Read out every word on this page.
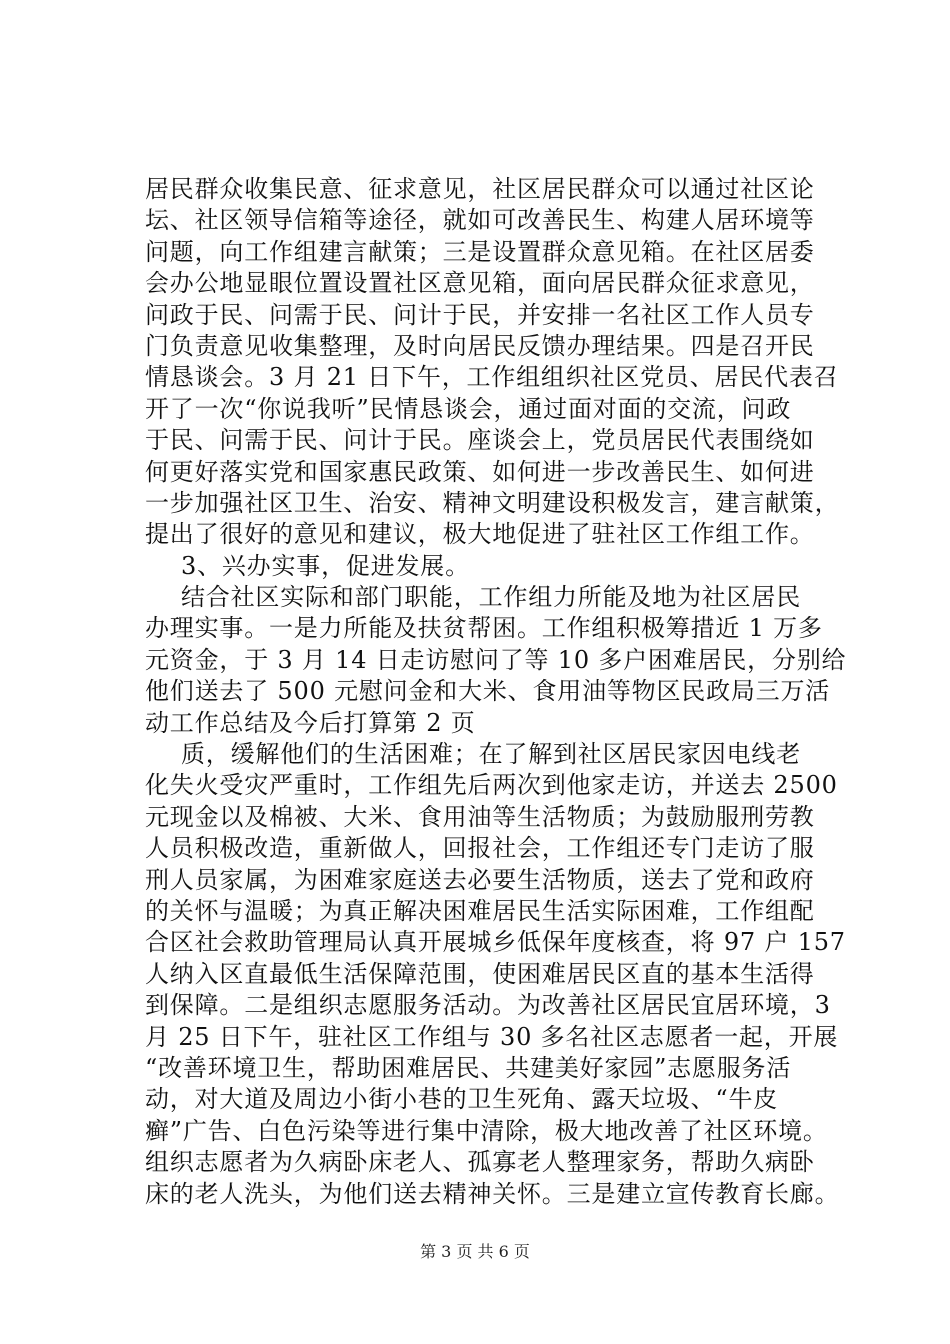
居民群众收集民意、征求意见，社区居民群众可以通过社区论
坛、社区领导信箱等途径，就如可改善民生、构建人居环境等
问题，向工作组建言献策；三是设置群众意见箱。在社区居委
会办公地显眼位置设置社区意见箱，面向居民群众征求意见，
问政于民、问需于民、问计于民，并安排一名社区工作人员专
门负责意见收集整理，及时向居民反馈办理结果。四是召开民
情恳谈会。3 月 21 日下午，工作组组织社区党员、居民代表召
开了一次“你说我听”民情恳谈会，通过面对面的交流，问政
于民、问需于民、问计于民。座谈会上，党员居民代表围绕如
何更好落实党和国家惠民政策、如何进一步改善民生、如何进
一步加强社区卫生、治安、精神文明建设积极发言，建言献策，
提出了很好的意见和建议，极大地促进了驻社区工作组工作。
3、兴办实事，促进发展。
结合社区实际和部门职能，工作组力所能及地为社区居民
办理实事。一是力所能及扶贫帮困。工作组积极筹措近 1 万多
元资金，于 3 月 14 日走访慰问了等 10 多户困难居民，分别给
他们送去了 500 元慰问金和大米、食用油等物区民政局三万活
动工作总结及今后打算第 2 页
质，缓解他们的生活困难；在了解到社区居民家因电线老
化失火受灾严重时，工作组先后两次到他家走访，并送去 2500
元现金以及棉被、大米、食用油等生活物质；为鼓励服刑劳教
人员积极改造，重新做人，回报社会，工作组还专门走访了服
刑人员家属，为困难家庭送去必要生活物质，送去了党和政府
的关怀与温暖；为真正解决困难居民生活实际困难，工作组配
合区社会救助管理局认真开展城乡低保年度核查，将 97 户 157
人纳入区直最低生活保障范围，使困难居民区直的基本生活得
到保障。二是组织志愿服务活动。为改善社区居民宜居环境，3
月 25 日下午，驻社区工作组与 30 多名社区志愿者一起，开展
“改善环境卫生，帮助困难居民、共建美好家园”志愿服务活
动，对大道及周边小街小巷的卫生死角、露天垃圾、“牛皮
癣”广告、白色污染等进行集中清除，极大地改善了社区环境。
组织志愿者为久病卧床老人、孤寡老人整理家务，帮助久病卧
床的老人洗头，为他们送去精神关怀。三是建立宣传教育长廊。
第 3 页 共 6 页
